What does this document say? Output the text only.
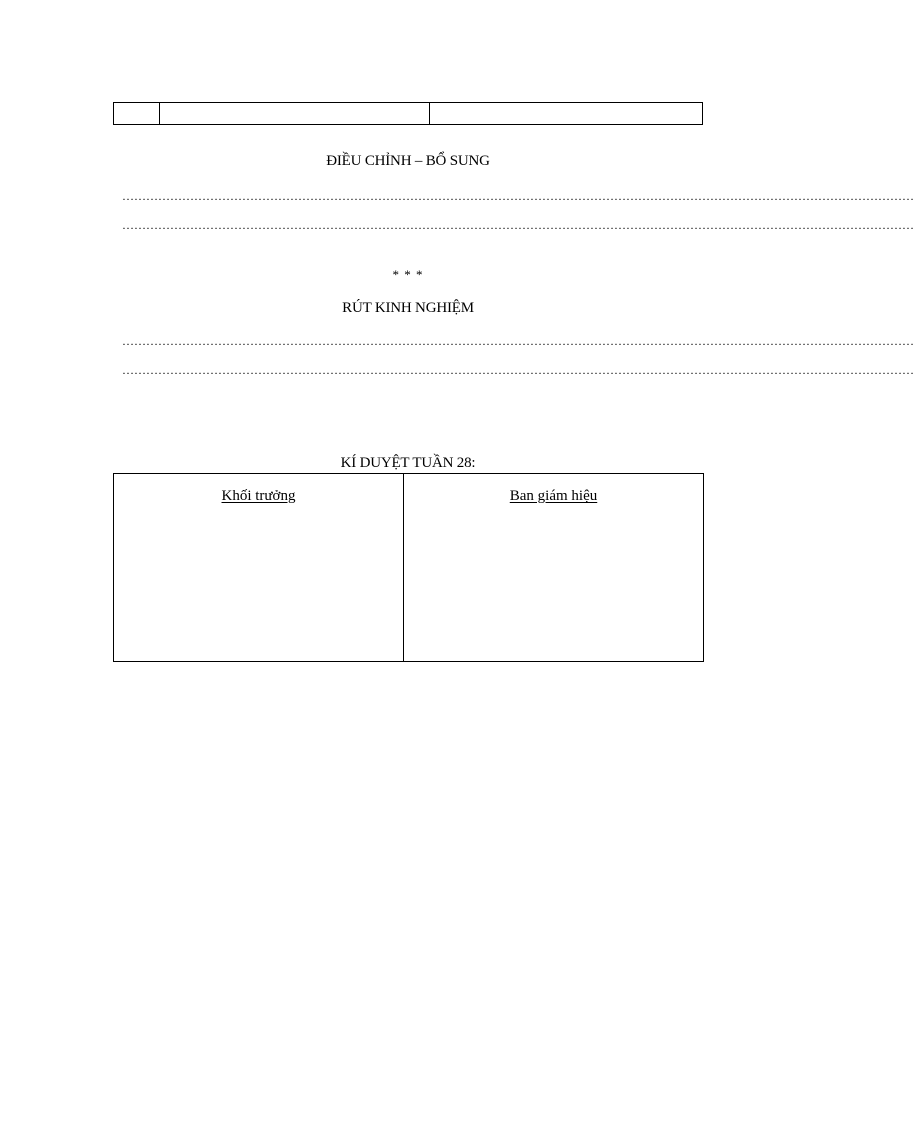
ĐIỀU CHỈNH – BỔ SUNG
………………………………………………………………………………………………………………………………………………………………………………
………………………………………………………………………………………………………………………………………………………………………………
* * *
RÚT KINH NGHIỆM
………………………………………………………………………………………………………………………………………………………………………………
………………………………………………………………………………………………………………………………………………………………………………
KÍ DUYỆT TUẦN 28:
Khối trưởng	Ban giám hiệu
